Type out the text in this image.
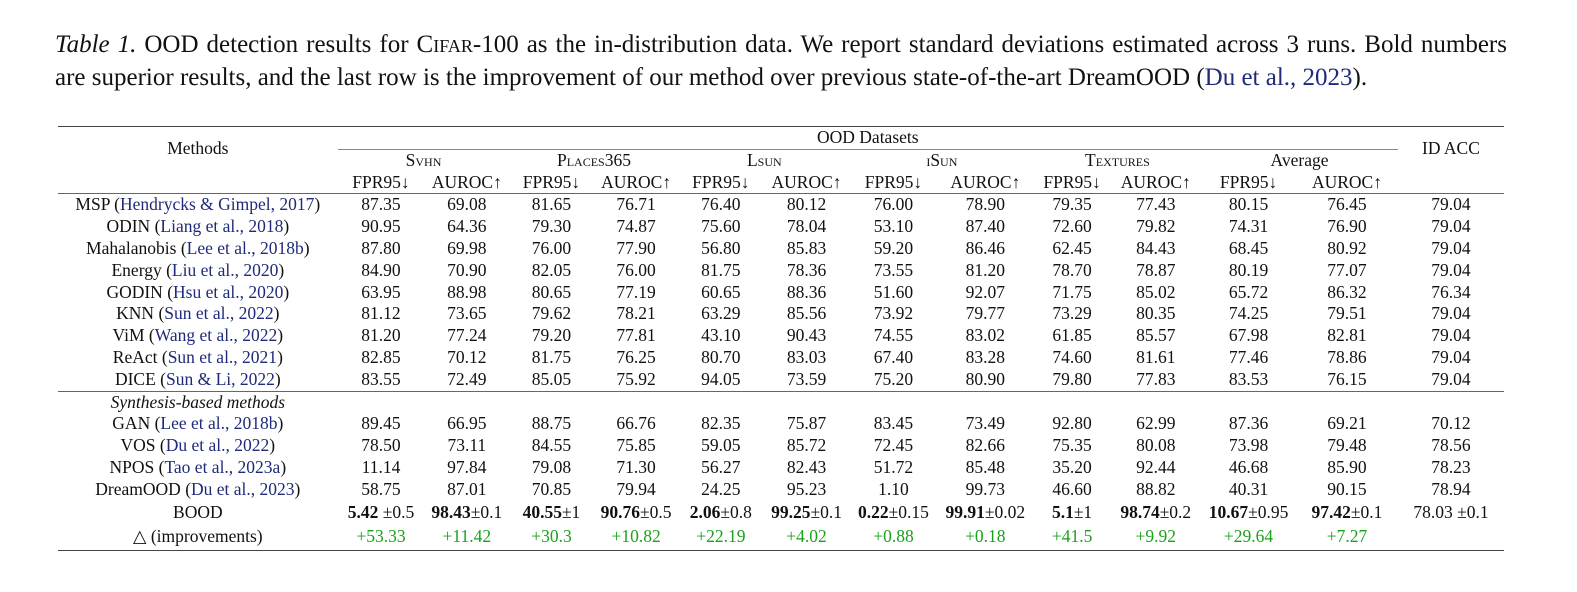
Table 1. OOD detection results for Cifar-100 as the in-distribution data. We report standard deviations estimated across 3 runs. Bold numbers are superior results, and the last row is the improvement of our method over previous state-of-the-art DreamOOD (Du et al., 2023).

Methods	OOD Datasets												ID ACC
	Svhn		Places365		Lsun		iSun		Textures		Average		
	FPR95↓	AUROC↑	FPR95↓	AUROC↑	FPR95↓	AUROC↑	FPR95↓	AUROC↑	FPR95↓	AUROC↑	FPR95↓	AUROC↑	
MSP (Hendrycks & Gimpel, 2017)	87.35	69.08	81.65	76.71	76.40	80.12	76.00	78.90	79.35	77.43	80.15	76.45	79.04
ODIN (Liang et al., 2018)	90.95	64.36	79.30	74.87	75.60	78.04	53.10	87.40	72.60	79.82	74.31	76.90	79.04
Mahalanobis (Lee et al., 2018b)	87.80	69.98	76.00	77.90	56.80	85.83	59.20	86.46	62.45	84.43	68.45	80.92	79.04
Energy (Liu et al., 2020)	84.90	70.90	82.05	76.00	81.75	78.36	73.55	81.20	78.70	78.87	80.19	77.07	79.04
GODIN (Hsu et al., 2020)	63.95	88.98	80.65	77.19	60.65	88.36	51.60	92.07	71.75	85.02	65.72	86.32	76.34
KNN (Sun et al., 2022)	81.12	73.65	79.62	78.21	63.29	85.56	73.92	79.77	73.29	80.35	74.25	79.51	79.04
ViM (Wang et al., 2022)	81.20	77.24	79.20	77.81	43.10	90.43	74.55	83.02	61.85	85.57	67.98	82.81	79.04
ReAct (Sun et al., 2021)	82.85	70.12	81.75	76.25	80.70	83.03	67.40	83.28	74.60	81.61	77.46	78.86	79.04
DICE (Sun & Li, 2022)	83.55	72.49	85.05	75.92	94.05	73.59	75.20	80.90	79.80	77.83	83.53	76.15	79.04
Synthesis-based methods													
GAN (Lee et al., 2018b)	89.45	66.95	88.75	66.76	82.35	75.87	83.45	73.49	92.80	62.99	87.36	69.21	70.12
VOS (Du et al., 2022)	78.50	73.11	84.55	75.85	59.05	85.72	72.45	82.66	75.35	80.08	73.98	79.48	78.56
NPOS (Tao et al., 2023a)	11.14	97.84	79.08	71.30	56.27	82.43	51.72	85.48	35.20	92.44	46.68	85.90	78.23
DreamOOD (Du et al., 2023)	58.75	87.01	70.85	79.94	24.25	95.23	1.10	99.73	46.60	88.82	40.31	90.15	78.94
BOOD	5.42 ±0.5	98.43±0.1	40.55±1	90.76±0.5	2.06±0.8	99.25±0.1	0.22±0.15	99.91±0.02	5.1±1	98.74±0.2	10.67±0.95	97.42±0.1	78.03 ±0.1
△ (improvements)	+53.33	+11.42	+30.3	+10.82	+22.19	+4.02	+0.88	+0.18	+41.5	+9.92	+29.64	+7.27	
